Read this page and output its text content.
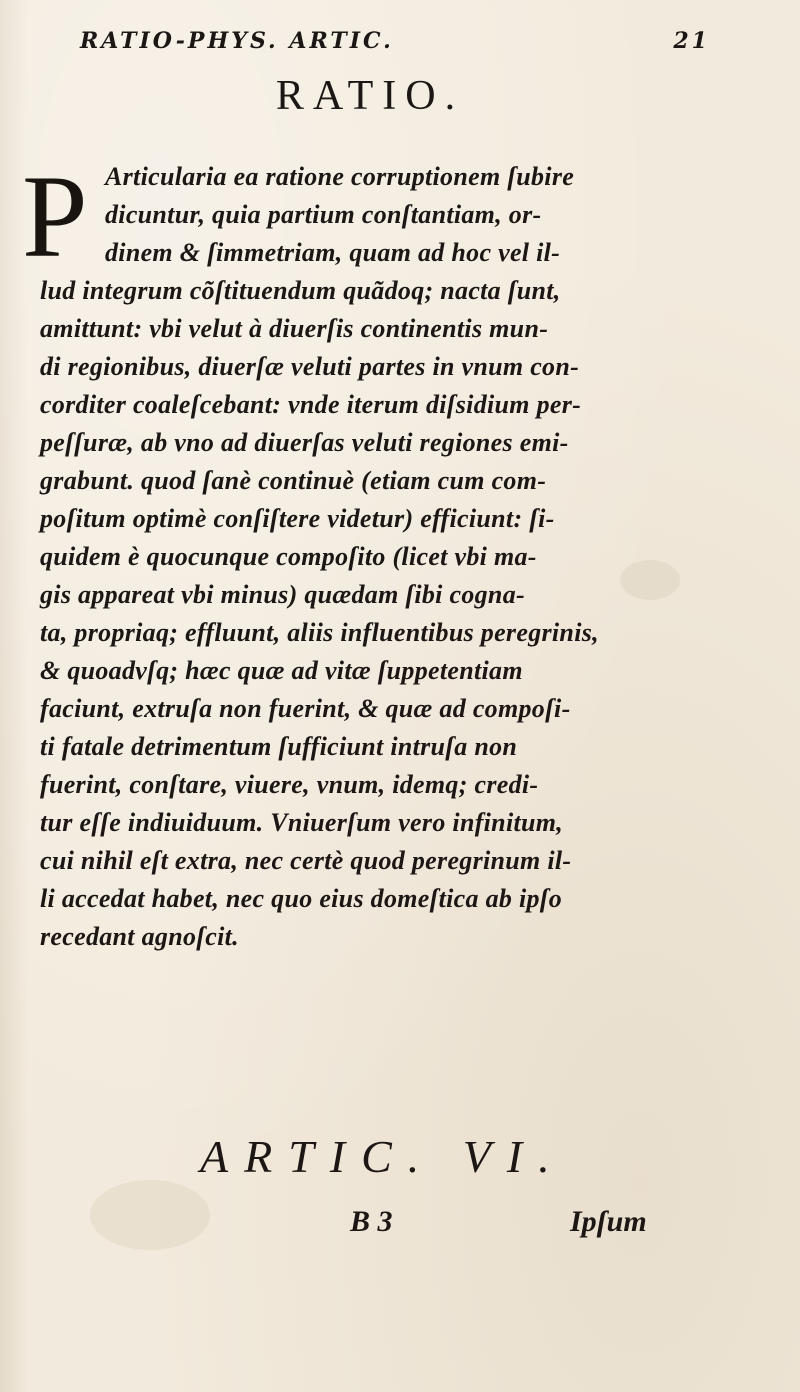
RATIO-PHYS. ARTIC.	21
RATIO.
P Articularia ea ratione corruptionem ſubire
dicuntur, quia partium conſtantiam, or-
dinem & ſimmetriam, quam ad hoc vel il-
lud integrum cõſtituendum quãdoq; nacta ſunt,
amittunt: vbi velut à diuerſis continentis mun-
di regionibus, diuerſæ veluti partes in vnum con-
corditer coaleſcebant: vnde iterum diſsidium per-
peſſuræ, ab vno ad diuerſas veluti regiones emi-
grabunt. quod ſanè continuè (etiam cum com-
poſitum optimè conſiſtere videtur) efficiunt: ſi-
quidem è quocunque compoſito (licet vbi ma-
gis appareat vbi minus) quædam ſibi cogna-
ta, propriaq; effluunt, aliis influentibus peregrinis,
& quoadvſq; hæc quæ ad vitæ ſuppetentiam
faciunt, extruſa non fuerint, & quæ ad compoſi-
ti fatale detrimentum ſufficiunt intruſa non
fuerint, conſtare, viuere, vnum, idemq; credi-
tur eſſe indiuiduum. Vniuerſum vero infinitum,
cui nihil eſt extra, nec certè quod peregrinum il-
li accedat habet, nec quo eius domeſtica ab ipſo
recedant agnoſcit.
ARTIC. VI.
B 3	Ipſum
